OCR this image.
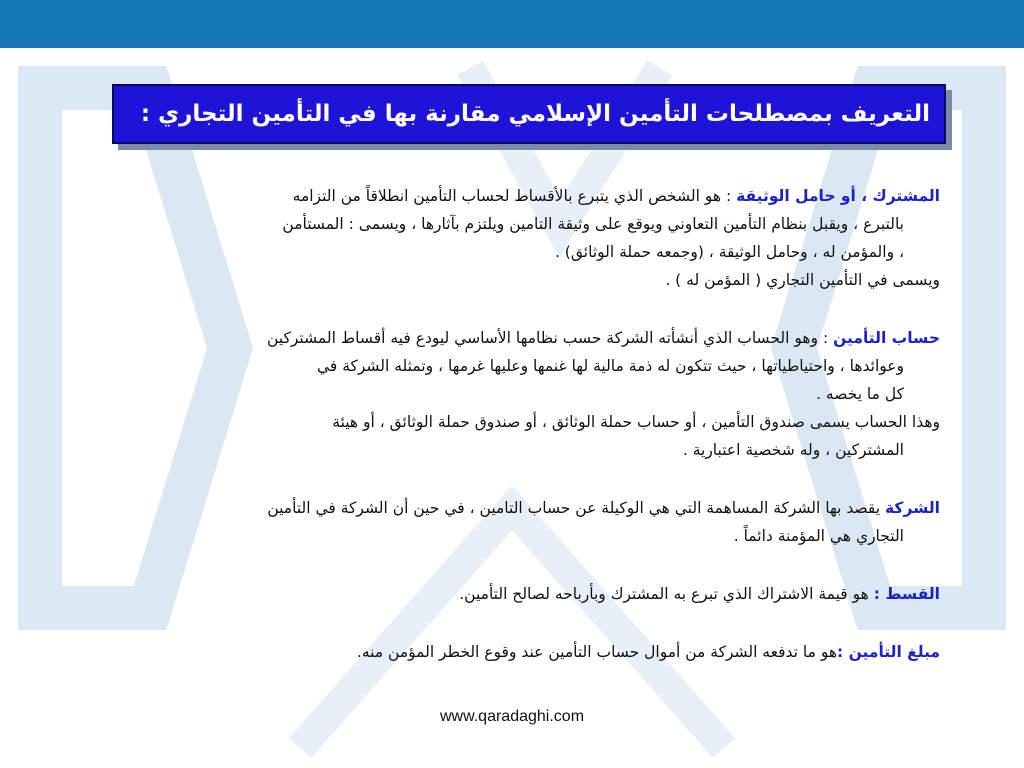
التعريف بمصطلحات التأمين الإسلامي مقارنة بها في التأمين التجاري :
المشترك ، أو حامل الوثيقة : هو الشخص الذي يتبرع بالأقساط لحساب التأمين انطلاقاً من التزامه
بالتبرع ، ويقبل بنظام التأمين التعاوني ويوقع على وثيقة التامين ويلتزم بآثارها ، ويسمى : المستأمن
، والمؤمن له ، وحامل الوثيقة ، (وجمعه حملة الوثائق) .
ويسمى في التأمين التجاري ( المؤمن له ) .
حساب التأمين : وهو الحساب الذي أنشأته الشركة حسب نظامها الأساسي ليودع فيه أقساط المشتركين
وعوائدها ، واحتياطياتها ، حيث تتكون له ذمة مالية لها غنمها وعليها غرمها ، وتمثله الشركة في
كل ما يخصه .
وهذا الحساب يسمى صندوق التأمين ، أو حساب حملة الوثائق ، أو صندوق حملة الوثائق ، أو هيئة
المشتركين ، وله شخصية اعتبارية .
الشركة يقصد بها الشركة المساهمة التي هي الوكيلة عن حساب التامين ، في حين أن الشركة في التأمين
التجاري هي المؤمنة دائماً .
القسط : هو قيمة الاشتراك الذي تبرع به المشترك وبأرباحه لصالح التأمين.
مبلغ التأمين :هو ما تدفعه الشركة من أموال حساب التأمين عند وقوع الخطر المؤمن منه.
www.qaradaghi.com
